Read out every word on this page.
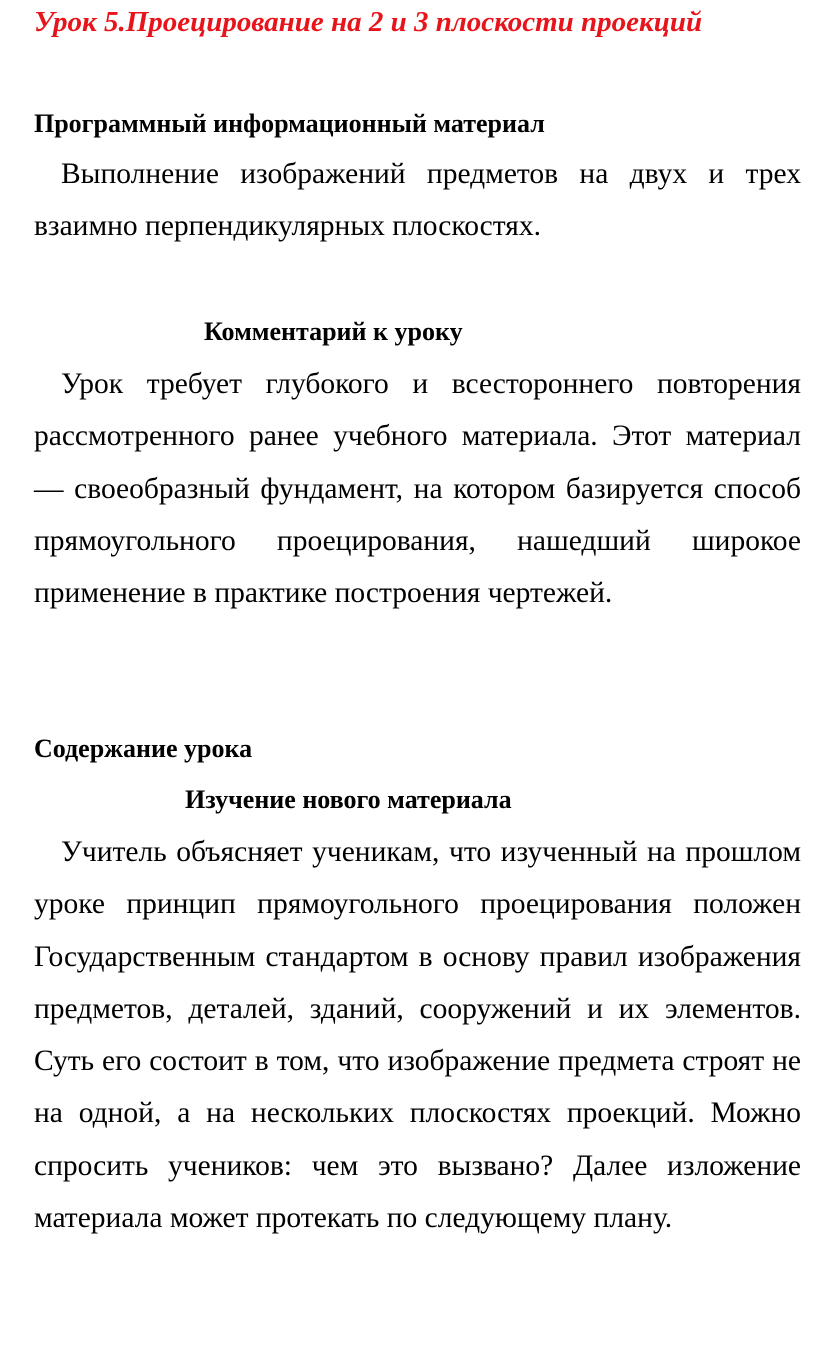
Урок 5.Проецирование на 2 и 3 плоскости проекций
Программный информационный материал
Выполнение изображений предметов на двух и трех взаимно перпендикулярных плоскостях.
Комментарий к уроку
Урок требует глубокого и всестороннего повторения рассмотренного ранее учебного материала. Этот материал — своеобразный фундамент, на котором базируется способ прямоугольного проецирования, нашедший широкое применение в практике построения чертежей.
Содержание урока
Изучение нового материала
Учитель объясняет ученикам, что изученный на прошлом уроке принцип прямоугольного проецирования положен Государственным стандартом в основу правил изображения предметов, деталей, зданий, сооружений и их элементов. Суть его состоит в том, что изображение предмета строят не на одной, а на нескольких плоскостях проекций. Можно спросить учеников: чем это вызвано? Далее изложение материала может протекать по следующему плану.
